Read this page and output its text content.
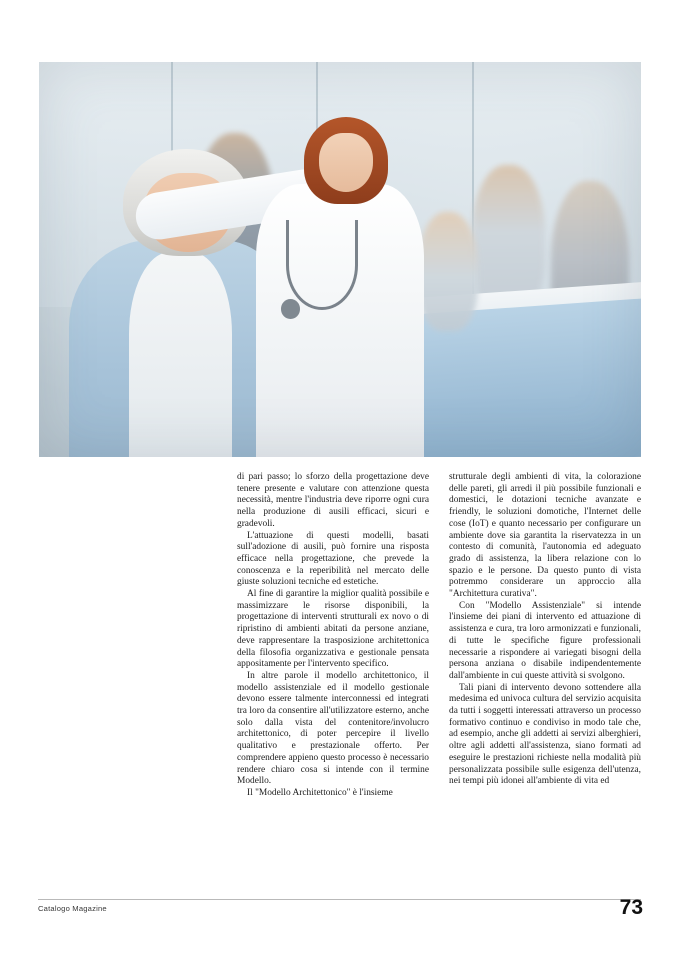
di pari passo; lo sforzo della progettazione deve tenere presente e valutare con attenzione questa necessità, mentre l'industria deve riporre ogni cura nella produzione di ausili efficaci, sicuri e gradevoli.

L'attuazione di questi modelli, basati sull'adozione di ausili, può fornire una risposta efficace nella progettazione, che prevede la conoscenza e la reperibilità nel mercato delle giuste soluzioni tecniche ed estetiche.

Al fine di garantire la miglior qualità possibile e massimizzare le risorse disponibili, la progettazione di interventi strutturali ex novo o di ripristino di ambienti abitati da persone anziane, deve rappresentare la trasposizione architettonica della filosofia organizzativa e gestionale pensata appositamente per l'intervento specifico.

In altre parole il modello architettonico, il modello assistenziale ed il modello gestionale devono essere talmente interconnessi ed integrati tra loro da consentire all'utilizzatore esterno, anche solo dalla vista del contenitore/involucro architettonico, di poter percepire il livello qualitativo e prestazionale offerto. Per comprendere appieno questo processo è necessario rendere chiaro cosa si intende con il termine Modello.

Il "Modello Architettonico" è l'insieme

strutturale degli ambienti di vita, la colorazione delle pareti, gli arredi il più possibile funzionali e domestici, le dotazioni tecniche avanzate e friendly, le soluzioni domotiche, l'Internet delle cose (IoT) e quanto necessario per configurare un ambiente dove sia garantita la riservatezza in un contesto di comunità, l'autonomia ed adeguato grado di assistenza, la libera relazione con lo spazio e le persone. Da questo punto di vista potremmo considerare un approccio alla "Architettura curativa".

Con "Modello Assistenziale" si intende l'insieme dei piani di intervento ed attuazione di assistenza e cura, tra loro armonizzati e funzionali, di tutte le specifiche figure professionali necessarie a rispondere ai variegati bisogni della persona anziana o disabile indipendentemente dall'ambiente in cui queste attività si svolgono.

Tali piani di intervento devono sottendere alla medesima ed univoca cultura del servizio acquisita da tutti i soggetti interessati attraverso un processo formativo continuo e condiviso in modo tale che, ad esempio, anche gli addetti ai servizi alberghieri, oltre agli addetti all'assistenza, siano formati ad eseguire le prestazioni richieste nella modalità più personalizzata possibile sulle esigenza dell'utenza, nei tempi più idonei all'ambiente di vita ed

Catalogo Magazine	73
